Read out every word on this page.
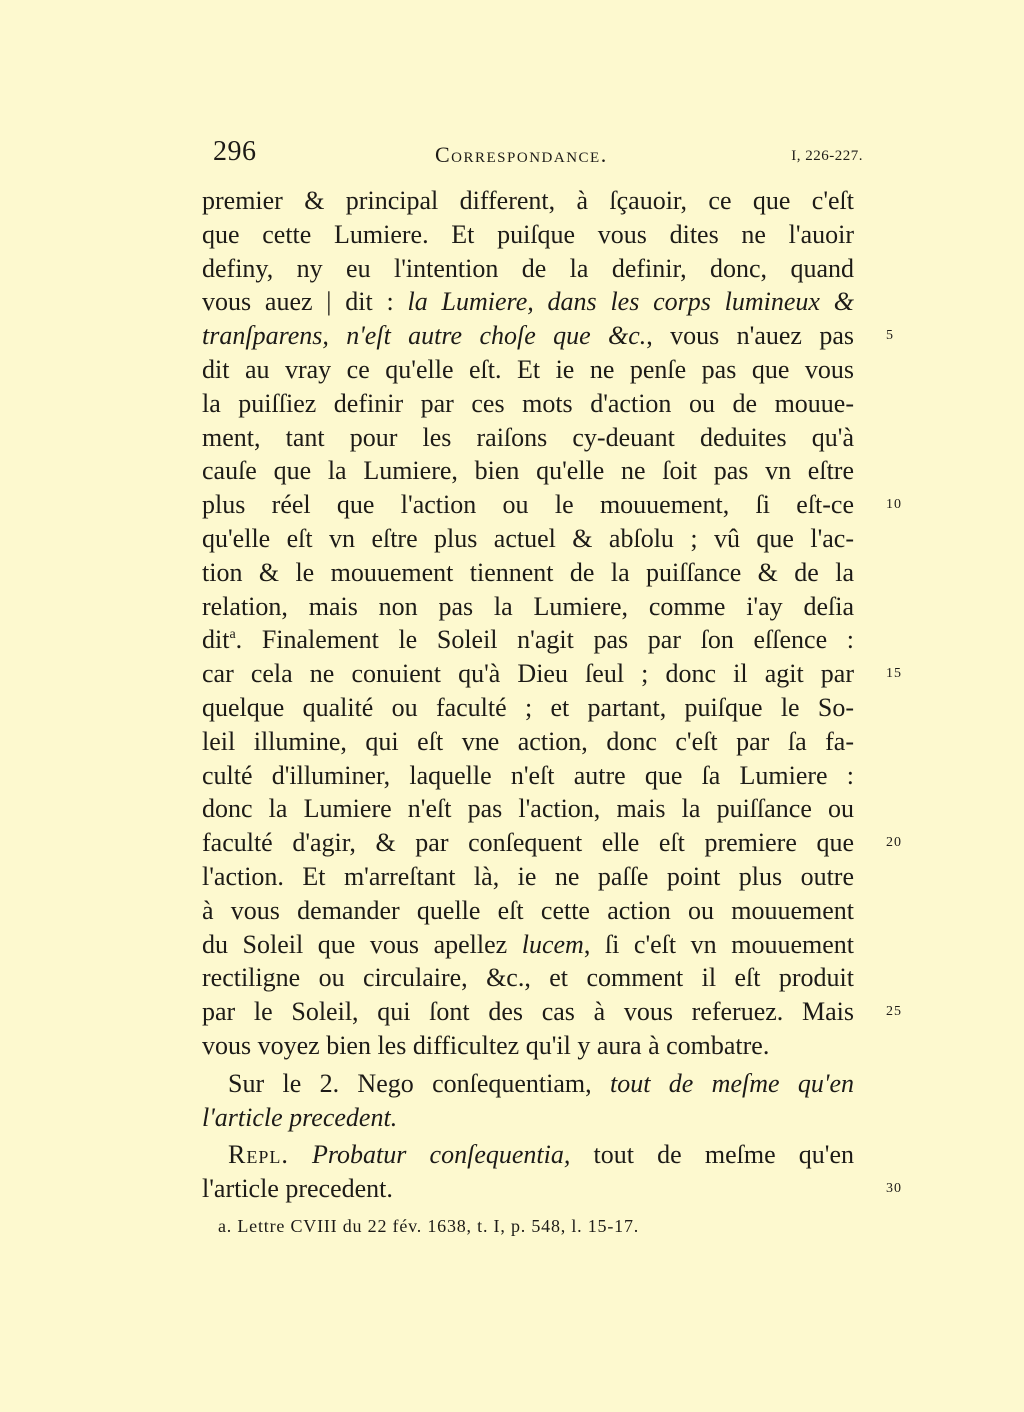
296	Correspondance.	I, 226-227.
premier & principal different, à ſçauoir, ce que c'eſt
que cette Lumiere. Et puiſque vous dites ne l'auoir
definy, ny eu l'intention de la definir, donc, quand
vous auez | dit : la Lumiere, dans les corps lumineux &
tranſparens, n'eſt autre choſe que &c., vous n'auez pas 5
dit au vray ce qu'elle eſt. Et ie ne penſe pas que vous
la puiſſiez definir par ces mots d'action ou de mouue-
ment, tant pour les raiſons cy-deuant deduites qu'à
cauſe que la Lumiere, bien qu'elle ne ſoit pas vn eſtre
plus réel que l'action ou le mouuement, ſi eſt-ce 10
qu'elle eſt vn eſtre plus actuel & abſolu ; vû que l'ac-
tion & le mouuement tiennent de la puiſſance & de la
relation, mais non pas la Lumiere, comme i'ay deſia
dit$^a$. Finalement le Soleil n'agit pas par ſon eſſence :
car cela ne conuient qu'à Dieu ſeul ; donc il agit par 15
quelque qualité ou faculté ; et partant, puiſque le So-
leil illumine, qui eſt vne action, donc c'eſt par ſa fa-
culté d'illuminer, laquelle n'eſt autre que ſa Lumiere :
donc la Lumiere n'eſt pas l'action, mais la puiſſance ou
faculté d'agir, & par conſequent elle eſt premiere que 20
l'action. Et m'arreſtant là, ie ne paſſe point plus outre
à vous demander quelle eſt cette action ou mouuement
du Soleil que vous apellez lucem, ſi c'eſt vn mouuement
rectiligne ou circulaire, &c., et comment il eſt produit
par le Soleil, qui ſont des cas à vous referuez. Mais 25
vous voyez bien les difficultez qu'il y aura à combatre.
Sur le 2. Nego conſequentiam, tout de meſme qu'en
l'article precedent.
Repl. Probatur conſequentia, tout de meſme qu'en
l'article precedent.	30
a. Lettre CVIII du 22 fév. 1638, t. I, p. 548, l. 15-17.
